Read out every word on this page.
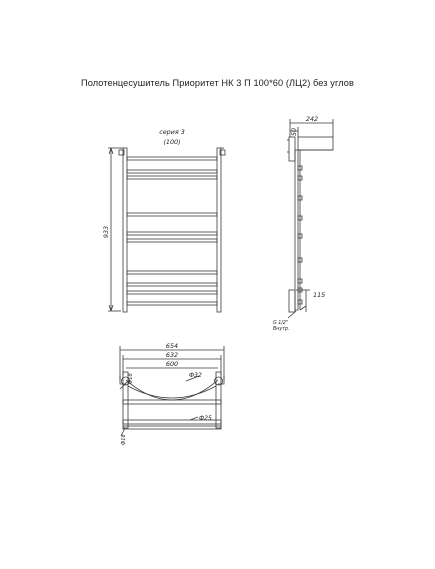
Полотенцесушитель Приоритет НК 3 П 100*60 (ЛЦ2) без углов
серия 3
(100)
933
242
50
115
G 1/2"
Внутр.
654
632
600
Ф32
Ф18
Ф25
Ф18
